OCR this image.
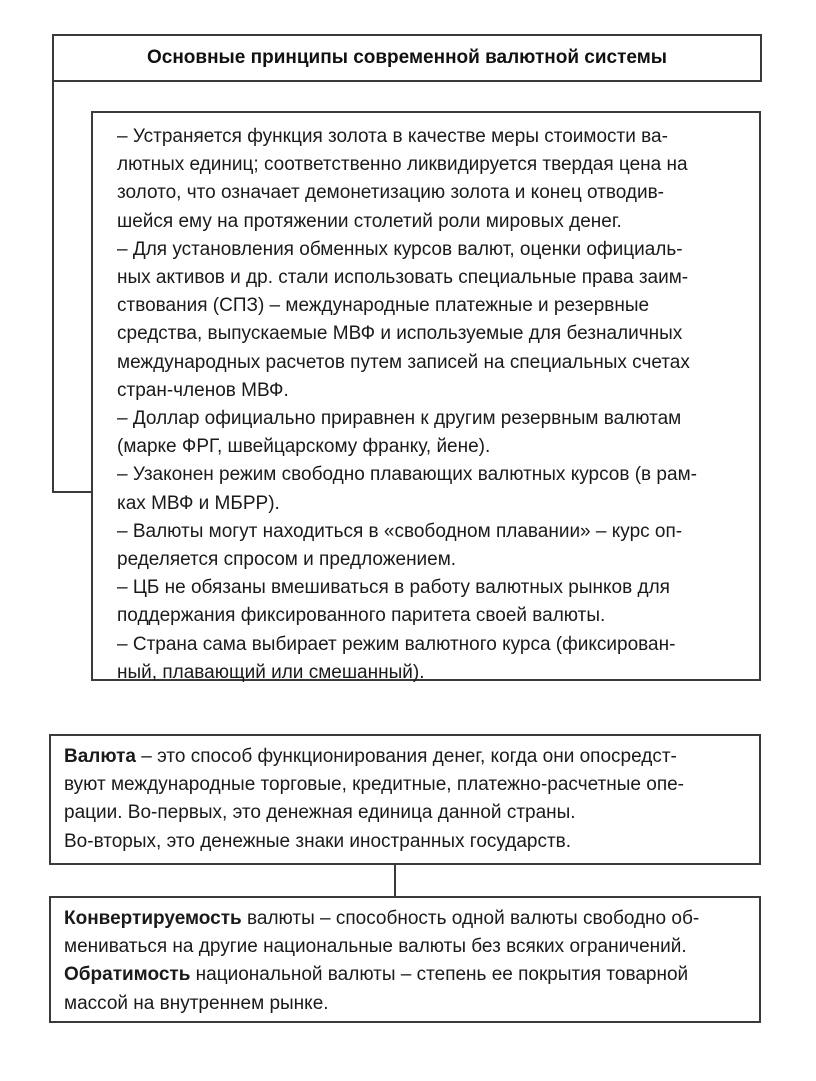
Основные принципы современной валютной системы
– Устраняется функция золота в качестве меры стоимости ва-
лютных единиц; соответственно ликвидируется твердая цена на
золото, что означает демонетизацию золота и конец отводив-
шейся ему на протяжении столетий роли мировых денег.
– Для установления обменных курсов валют, оценки официаль-
ных активов и др. стали использовать специальные права заим-
ствования (СПЗ) – международные платежные и резервные
средства, выпускаемые МВФ и используемые для безналичных
международных расчетов путем записей на специальных счетах
стран-членов МВФ.
– Доллар официально приравнен к другим резервным валютам
(марке ФРГ, швейцарскому франку, йене).
– Узаконен режим свободно плавающих валютных курсов (в рам-
ках МВФ и МБРР).
– Валюты могут находиться в «свободном плавании» – курс оп-
ределяется спросом и предложением.
– ЦБ не обязаны вмешиваться в работу валютных рынков для
поддержания фиксированного паритета своей валюты.
– Страна сама выбирает режим валютного курса (фиксирован-
ный, плавающий или смешанный).
Валюта – это способ функционирования денег, когда они опосредст-
вуют международные торговые, кредитные, платежно-расчетные опе-
рации. Во-первых, это денежная единица данной страны.
Во-вторых, это денежные знаки иностранных государств.
Конвертируемость валюты – способность одной валюты свободно об-
мениваться на другие национальные валюты без всяких ограничений.
Обратимость национальной валюты – степень ее покрытия товарной
массой на внутреннем рынке.
